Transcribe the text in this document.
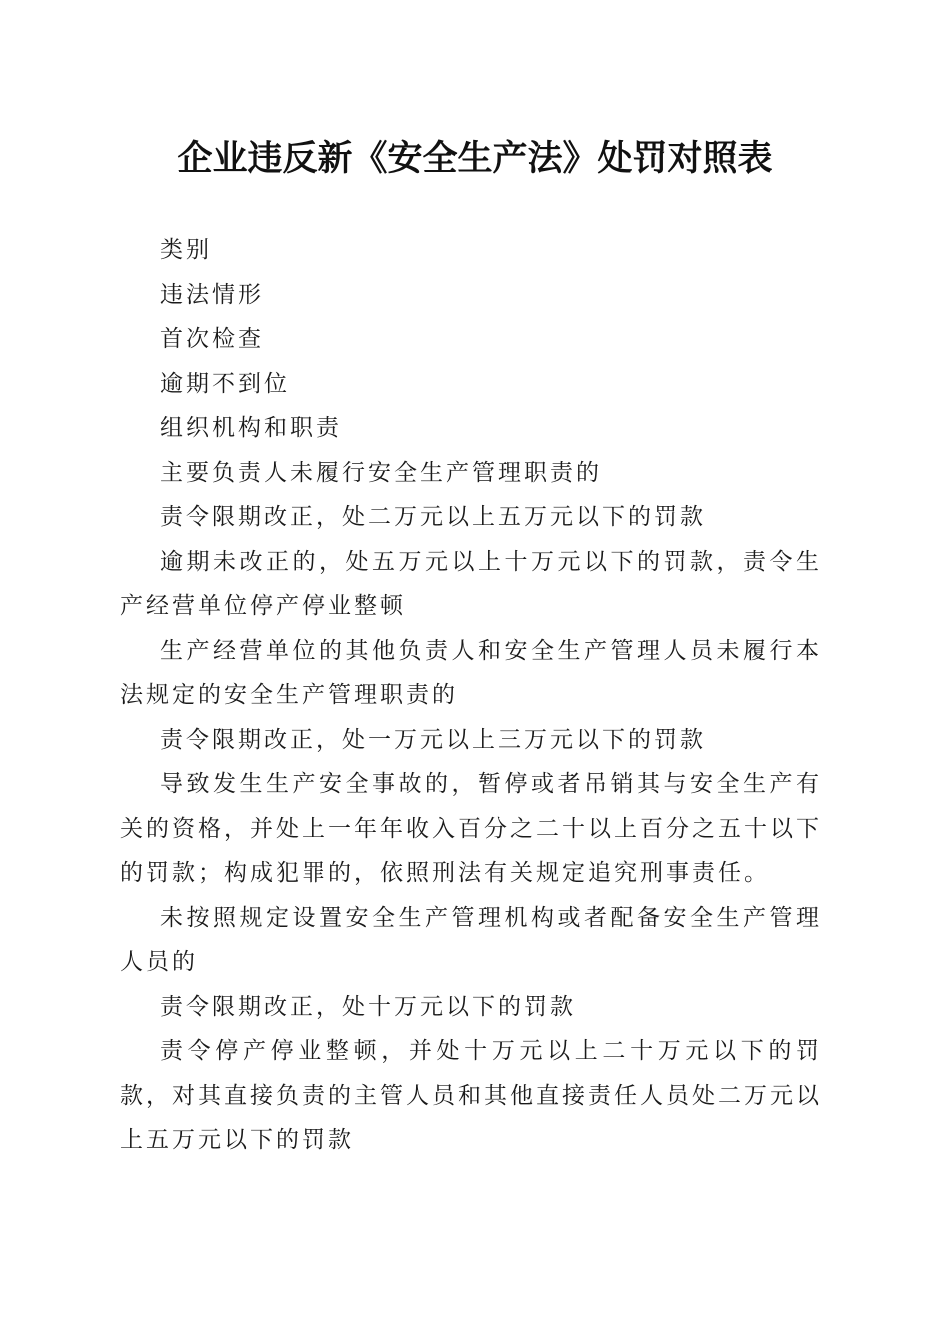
企业违反新《安全生产法》处罚对照表

类别

违法情形

首次检查

逾期不到位

组织机构和职责

主要负责人未履行安全生产管理职责的

责令限期改正，处二万元以上五万元以下的罚款

逾期未改正的，处五万元以上十万元以下的罚款，责令生产经营单位停产停业整顿

生产经营单位的其他负责人和安全生产管理人员未履行本法规定的安全生产管理职责的

责令限期改正，处一万元以上三万元以下的罚款

导致发生生产安全事故的，暂停或者吊销其与安全生产有关的资格，并处上一年年收入百分之二十以上百分之五十以下的罚款；构成犯罪的，依照刑法有关规定追究刑事责任。

未按照规定设置安全生产管理机构或者配备安全生产管理人员的

责令限期改正，处十万元以下的罚款

责令停产停业整顿，并处十万元以上二十万元以下的罚款，对其直接负责的主管人员和其他直接责任人员处二万元以上五万元以下的罚款
